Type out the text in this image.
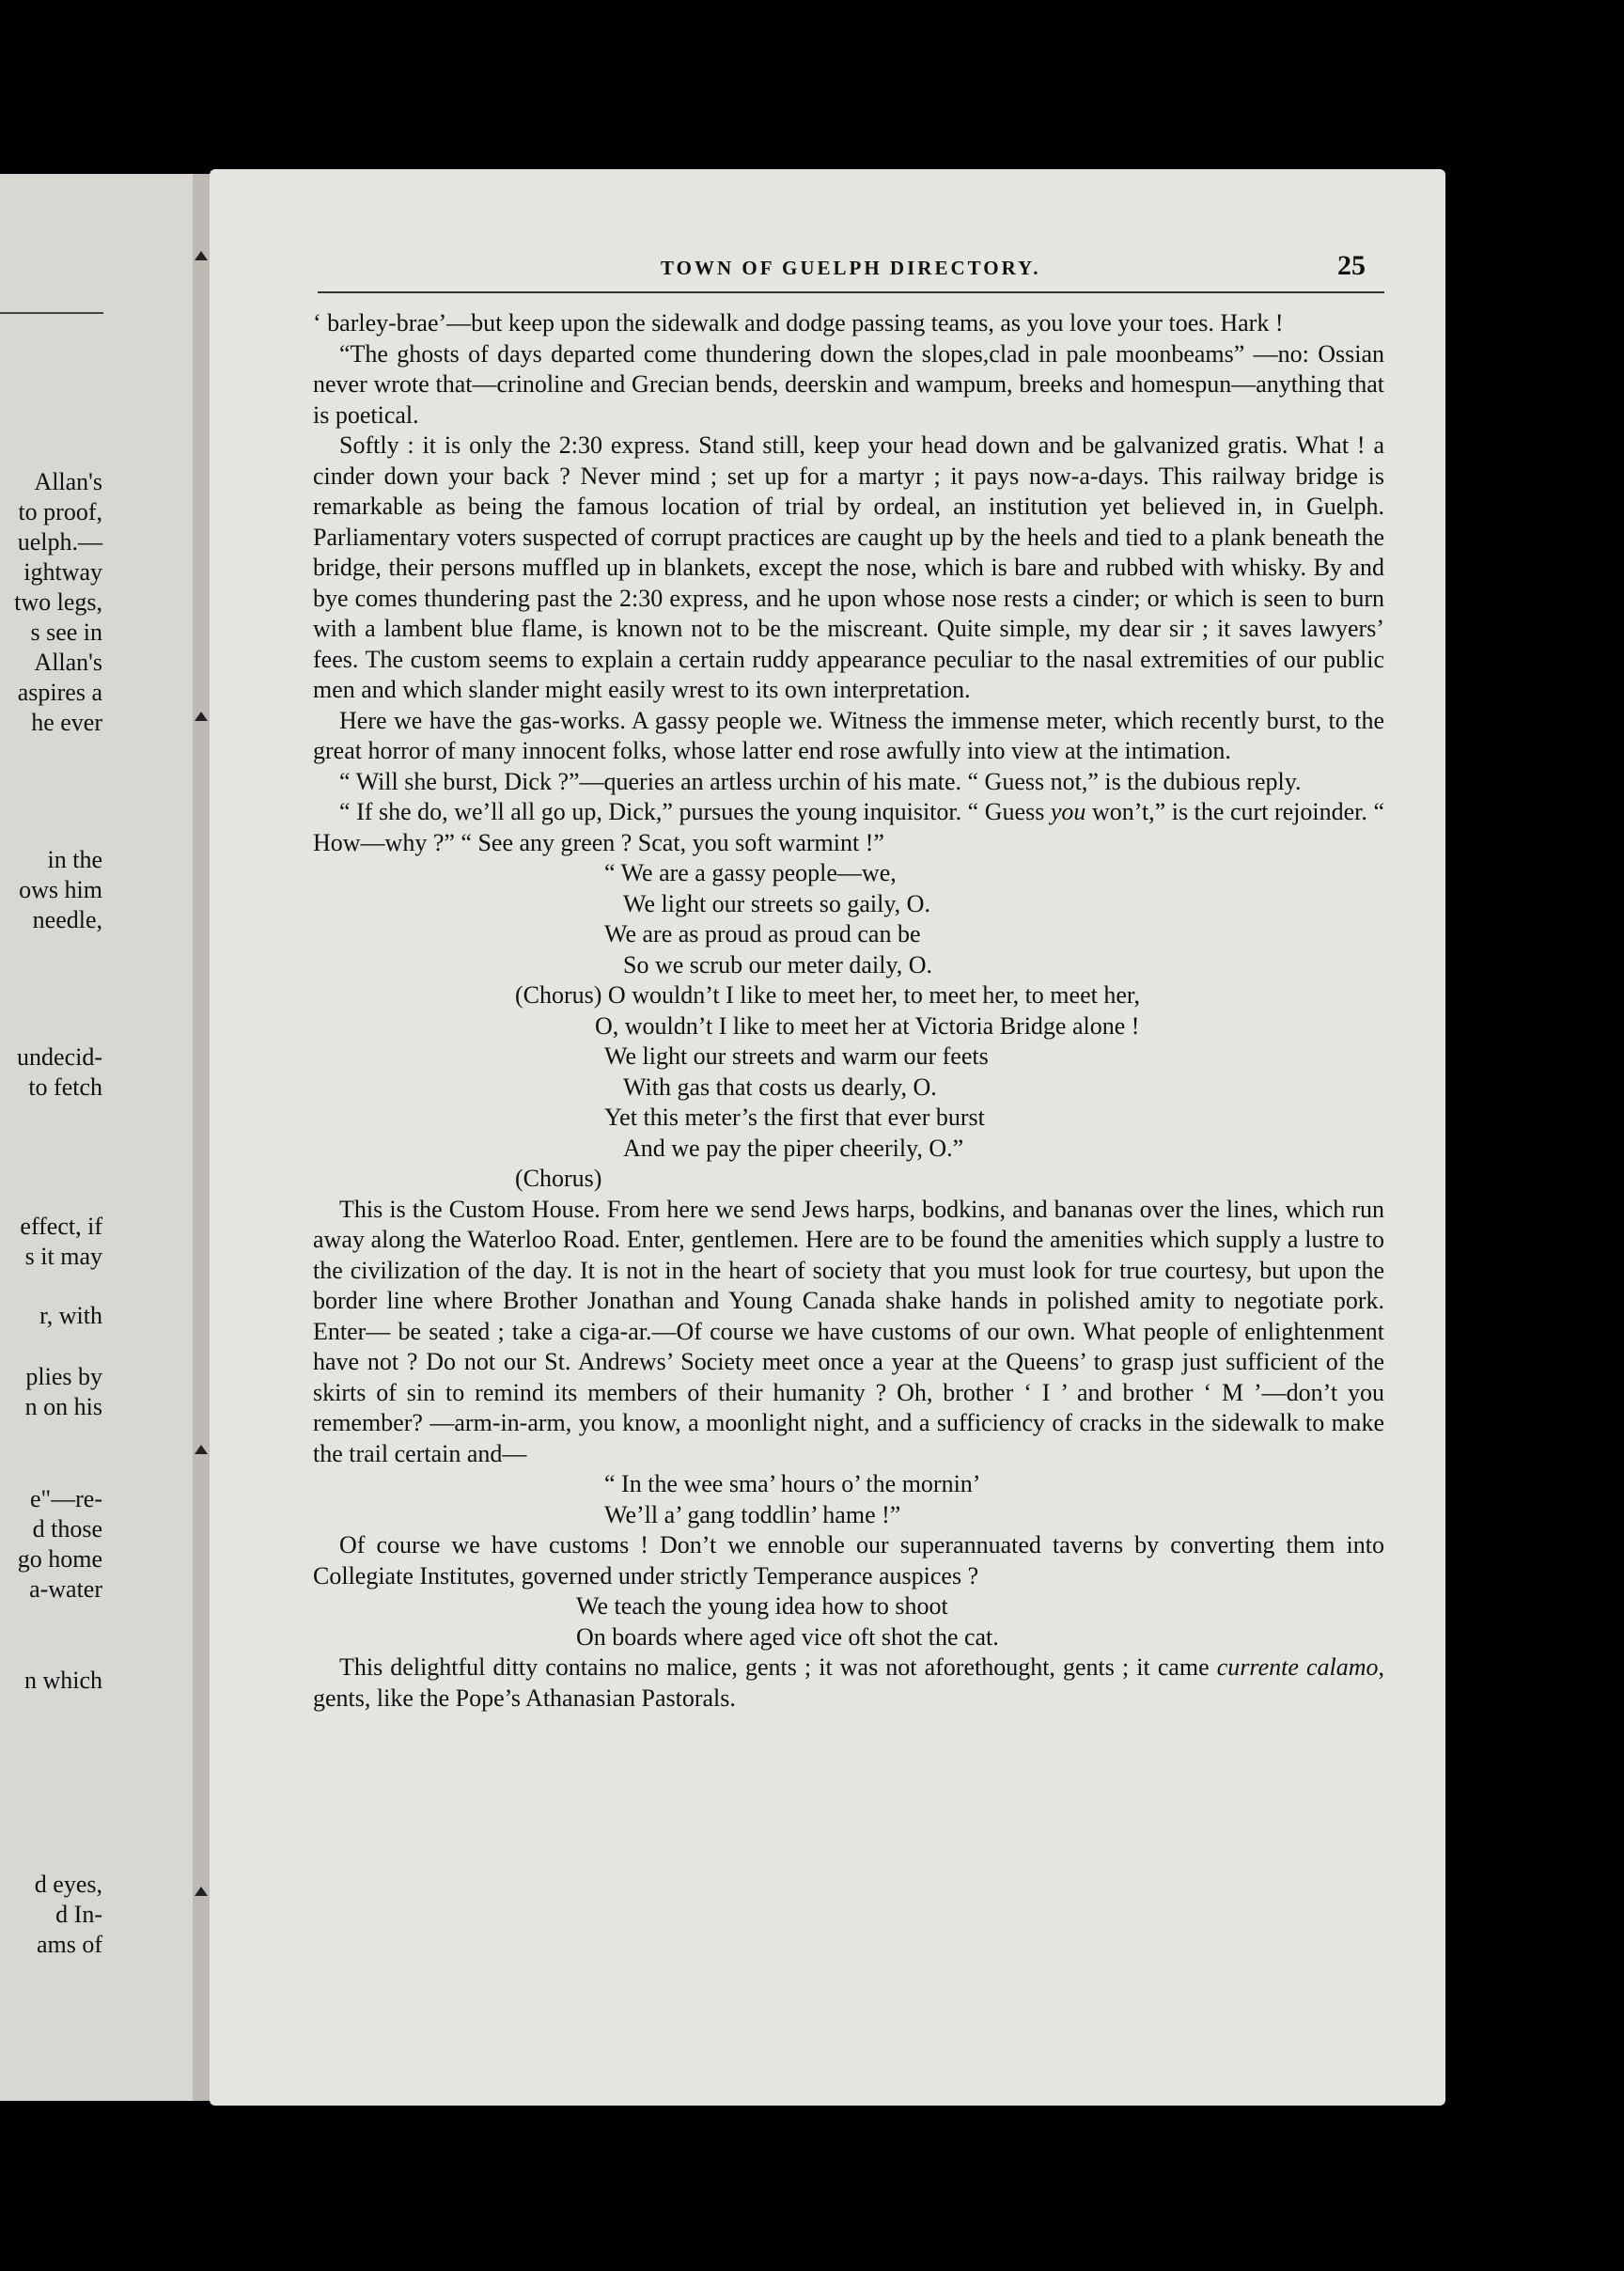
Allan's
to proof,
uelph.—
ightway
two legs,
s see in
Allan's
aspires a
he ever
in the
ows him
needle,
undecid-
to fetch
effect, if
s it may
r, with
plies by
n on his
e"—re-
d those
go home
a-water
n which
d eyes,
d In-
ams of
TOWN OF GUELPH DIRECTORY.	25

‘ barley-brae’—but keep upon the sidewalk and dodge passing teams, as you love your toes. Hark !

“The ghosts of days departed come thundering down the slopes,clad in pale moonbeams” —no: Ossian never wrote that—crinoline and Grecian bends, deerskin and wampum, breeks and homespun—anything that is poetical.

Softly : it is only the 2:30 express. Stand still, keep your head down and be galvanized gratis. What ! a cinder down your back ? Never mind ; set up for a martyr ; it pays now-a-days. This railway bridge is remarkable as being the famous location of trial by ordeal, an institution yet believed in, in Guelph. Parliamentary voters suspected of corrupt practices are caught up by the heels and tied to a plank beneath the bridge, their persons muffled up in blankets, except the nose, which is bare and rubbed with whisky. By and bye comes thundering past the 2:30 express, and he upon whose nose rests a cinder; or which is seen to burn with a lambent blue flame, is known not to be the miscreant. Quite simple, my dear sir ; it saves lawyers’ fees. The custom seems to explain a certain ruddy appearance peculiar to the nasal extremities of our public men and which slander might easily wrest to its own interpretation.

Here we have the gas-works. A gassy people we. Witness the immense meter, which recently burst, to the great horror of many innocent folks, whose latter end rose awfully into view at the intimation.

“ Will she burst, Dick ?”—queries an artless urchin of his mate. “ Guess not,” is the dubious reply.

“ If she do, we’ll all go up, Dick,” pursues the young inquisitor. “ Guess you won’t,” is the curt rejoinder. “ How—why ?” “ See any green ? Scat, you soft warmint !”

“ We are a gassy people—we,
We light our streets so gaily, O.
We are as proud as proud can be
So we scrub our meter daily, O.
(Chorus) O wouldn’t I like to meet her, to meet her, to meet her,
O, wouldn’t I like to meet her at Victoria Bridge alone !
We light our streets and warm our feets
With gas that costs us dearly, O.
Yet this meter’s the first that ever burst
And we pay the piper cheerily, O.”
(Chorus)

This is the Custom House. From here we send Jews harps, bodkins, and bananas over the lines, which run away along the Waterloo Road. Enter, gentlemen. Here are to be found the amenities which supply a lustre to the civilization of the day. It is not in the heart of society that you must look for true courtesy, but upon the border line where Brother Jonathan and Young Canada shake hands in polished amity to negotiate pork. Enter— be seated ; take a ciga-ar.—Of course we have customs of our own. What people of enlightenment have not ? Do not our St. Andrews’ Society meet once a year at the Queens’ to grasp just sufficient of the skirts of sin to remind its members of their humanity ? Oh, brother ‘ I ’ and brother ‘ M ’—don’t you remember? —arm-in-arm, you know, a moonlight night, and a sufficiency of cracks in the sidewalk to make the trail certain and—

“ In the wee sma’ hours o’ the mornin’
We’ll a’ gang toddlin’ hame !”

Of course we have customs ! Don’t we ennoble our superannuated taverns by converting them into Collegiate Institutes, governed under strictly Temperance auspices ?

We teach the young idea how to shoot
On boards where aged vice oft shot the cat.

This delightful ditty contains no malice, gents ; it was not aforethought, gents ; it came currente calamo, gents, like the Pope’s Athanasian Pastorals.
